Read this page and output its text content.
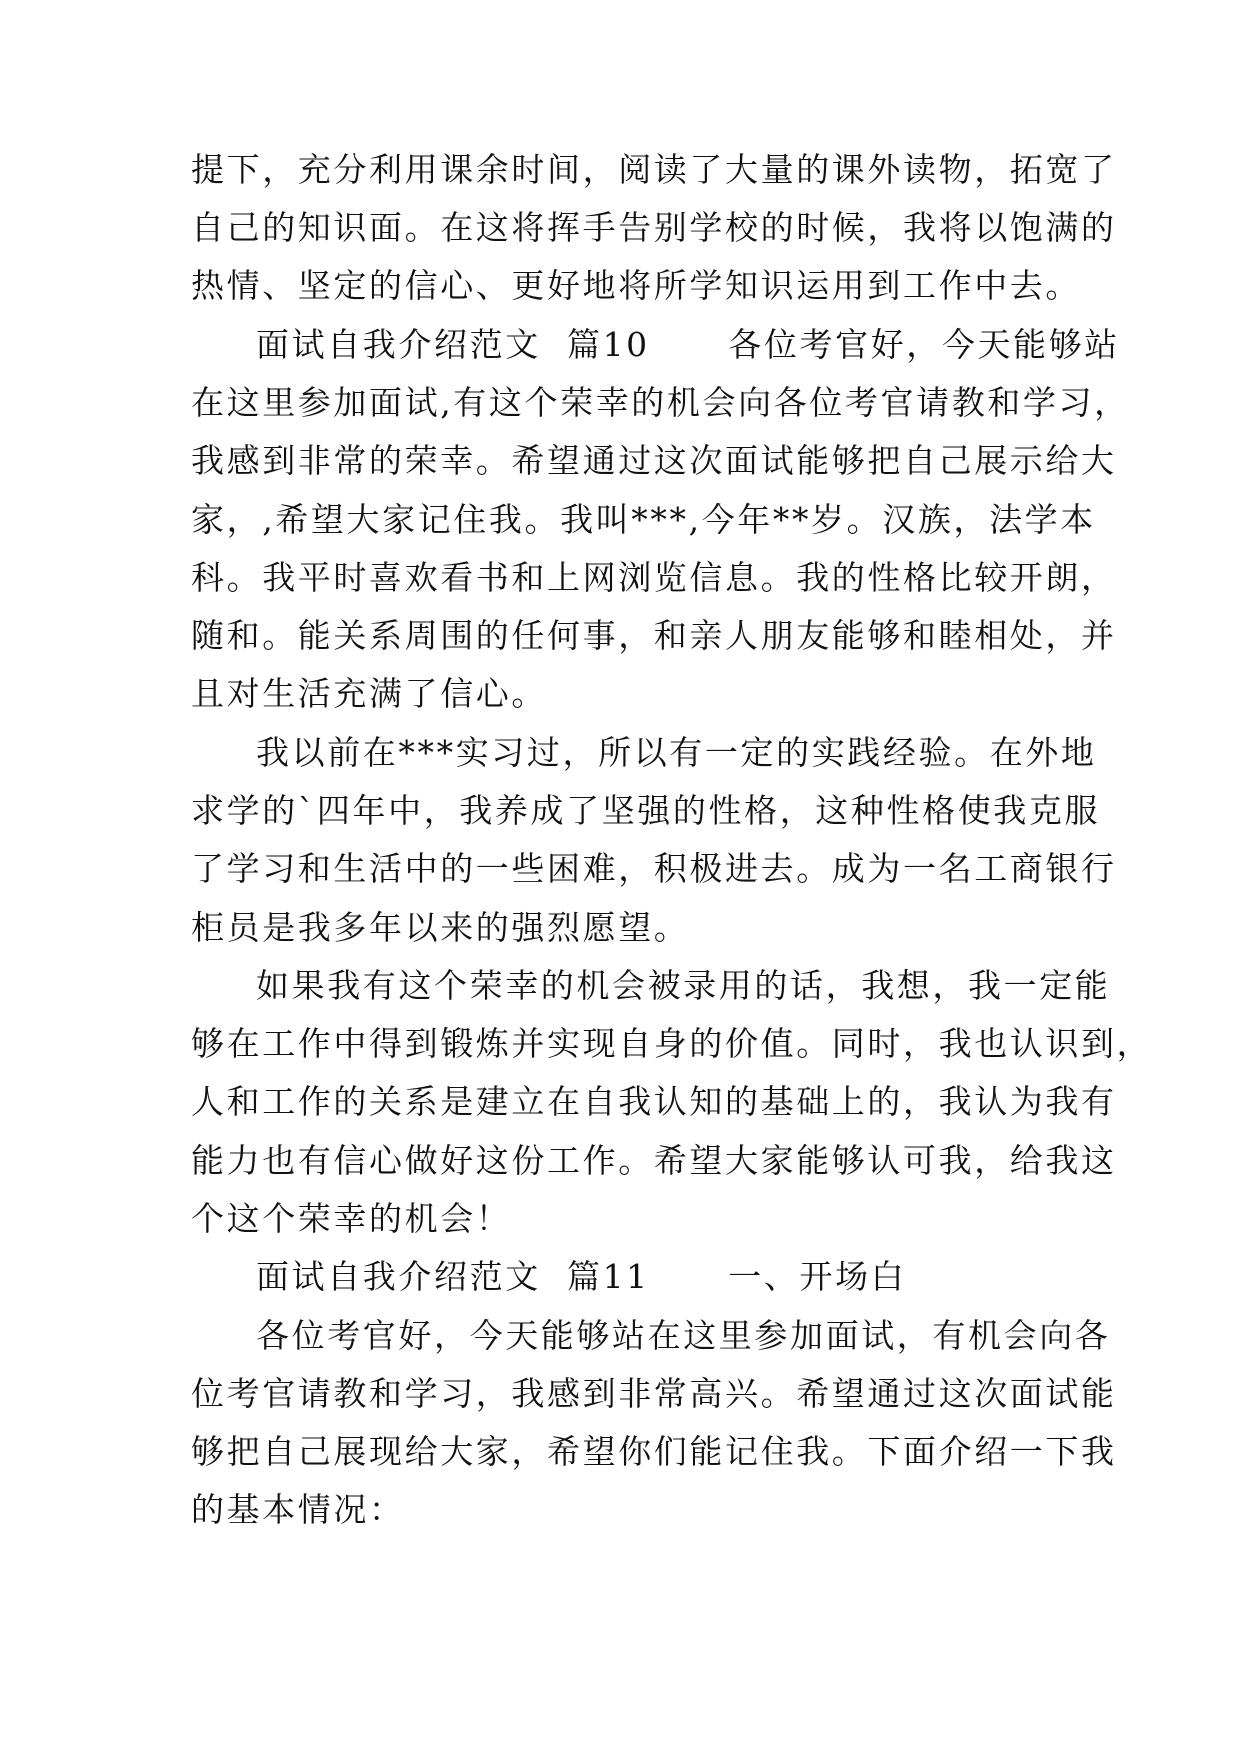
提下，充分利用课余时间，阅读了大量的课外读物，拓宽了
自己的知识面。在这将挥手告别学校的时候，我将以饱满的
热情、坚定的信心、更好地将所学知识运用到工作中去。
面试自我介绍范文  篇10      各位考官好，今天能够站
在这里参加面试,有这个荣幸的机会向各位考官请教和学习，
我感到非常的荣幸。希望通过这次面试能够把自己展示给大
家，,希望大家记住我。我叫***,今年**岁。汉族，法学本
科。我平时喜欢看书和上网浏览信息。我的性格比较开朗，
随和。能关系周围的任何事，和亲人朋友能够和睦相处，并
且对生活充满了信心。
我以前在***实习过，所以有一定的实践经验。在外地
求学的`四年中，我养成了坚强的性格，这种性格使我克服
了学习和生活中的一些困难，积极进去。成为一名工商银行
柜员是我多年以来的强烈愿望。
如果我有这个荣幸的机会被录用的话，我想，我一定能
够在工作中得到锻炼并实现自身的价值。同时，我也认识到，
人和工作的关系是建立在自我认知的基础上的，我认为我有
能力也有信心做好这份工作。希望大家能够认可我，给我这
个这个荣幸的机会！
面试自我介绍范文  篇11      一、开场白
各位考官好，今天能够站在这里参加面试，有机会向各
位考官请教和学习，我感到非常高兴。希望通过这次面试能
够把自己展现给大家，希望你们能记住我。下面介绍一下我
的基本情况：
